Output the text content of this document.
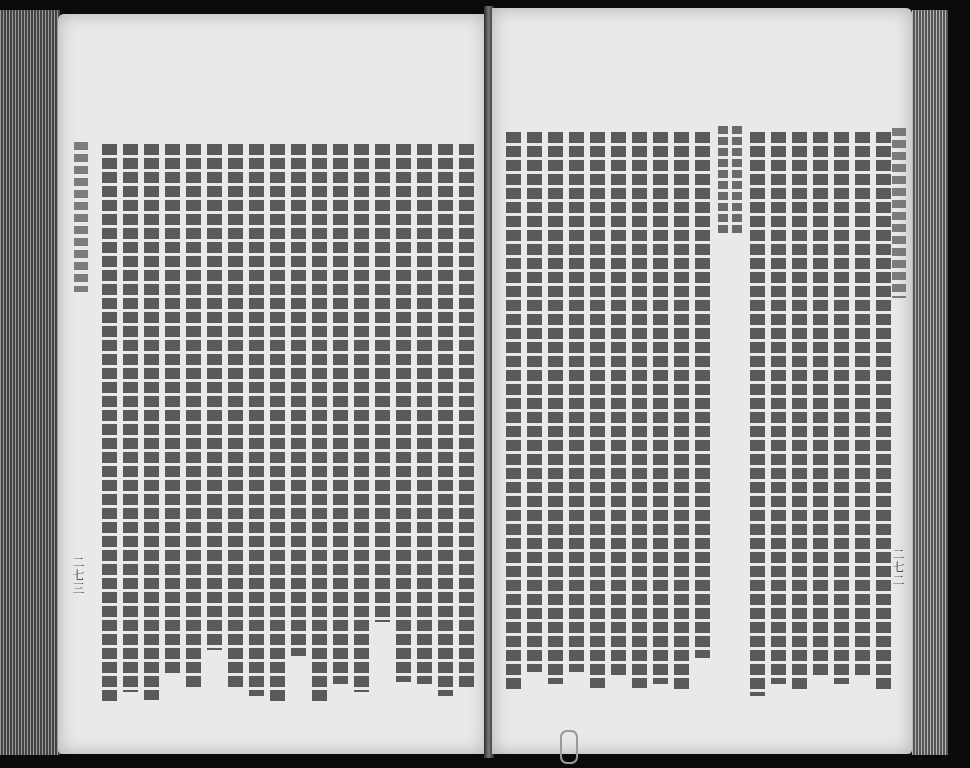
二七三	二七二
